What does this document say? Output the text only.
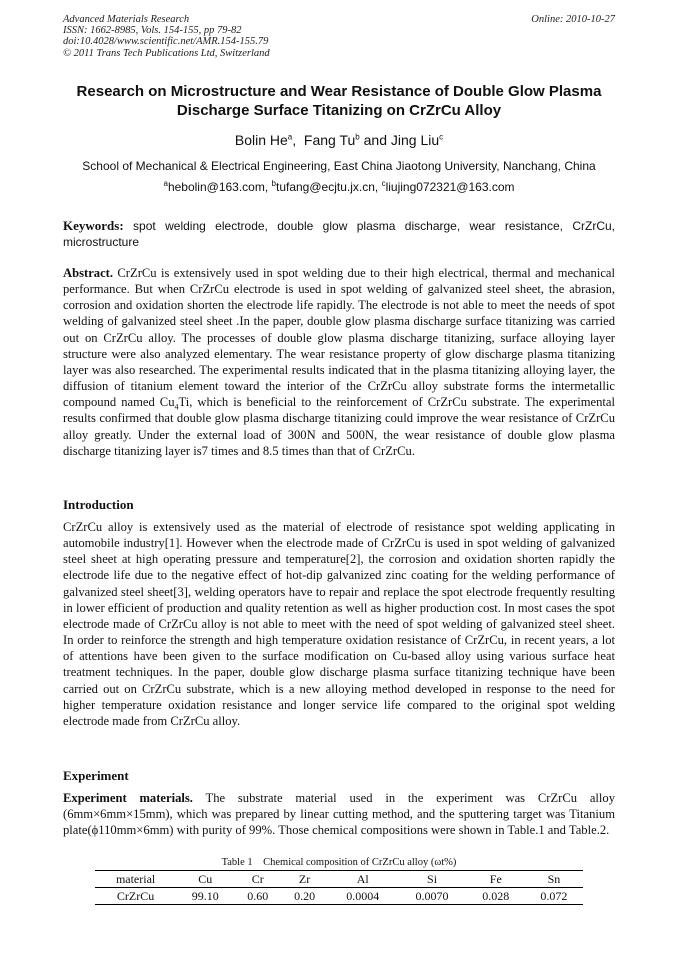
Advanced Materials Research
ISSN: 1662-8985, Vols. 154-155, pp 79-82
doi:10.4028/www.scientific.net/AMR.154-155.79
© 2011 Trans Tech Publications Ltd, Switzerland
Online: 2010-10-27
Research on Microstructure and Wear Resistance of Double Glow Plasma Discharge Surface Titanizing on CrZrCu Alloy
Bolin He$^a$,  Fang Tu$^b$ and Jing Liu$^c$
School of Mechanical & Electrical Engineering, East China Jiaotong University, Nanchang, China
$^a$hebolin@163.com, $^b$tufang@ecjtu.jx.cn, $^c$liujing072321@163.com
Keywords: spot welding electrode, double glow plasma discharge, wear resistance, CrZrCu, microstructure
Abstract. CrZrCu is extensively used in spot welding due to their high electrical, thermal and mechanical performance. But when CrZrCu electrode is used in spot welding of galvanized steel sheet, the abrasion, corrosion and oxidation shorten the electrode life rapidly. The electrode is not able to meet the needs of spot welding of galvanized steel sheet .In the paper, double glow plasma discharge surface titanizing was carried out on CrZrCu alloy. The processes of double glow plasma discharge titanizing, surface alloying layer structure were also analyzed elementary. The wear resistance property of glow discharge plasma titanizing layer was also researched. The experimental results indicated that in the plasma titanizing alloying layer, the diffusion of titanium element toward the interior of the CrZrCu alloy substrate forms the intermetallic compound named $Cu_4Ti$, which is beneficial to the reinforcement of CrZrCu substrate. The experimental results confirmed that double glow plasma discharge titanizing could improve the wear resistance of CrZrCu alloy greatly. Under the external load of 300N and 500N, the wear resistance of double glow plasma discharge titanizing layer is7 times and 8.5 times than that of CrZrCu.
Introduction
CrZrCu alloy is extensively used as the material of electrode of resistance spot welding applicating in automobile industry[1]. However when the electrode made of CrZrCu is used in spot welding of galvanized steel sheet at high operating pressure and temperature[2], the corrosion and oxidation shorten rapidly the electrode life due to the negative effect of hot-dip galvanized zinc coating for the welding performance of galvanized steel sheet[3], welding operators have to repair and replace the spot electrode frequently resulting in lower efficient of production and quality retention as well as higher production cost. In most cases the spot electrode made of CrZrCu alloy is not able to meet with the need of spot welding of galvanized steel sheet. In order to reinforce the strength and high temperature oxidation resistance of CrZrCu, in recent years, a lot of attentions have been given to the surface modification on Cu-based alloy using various surface heat treatment techniques. In the paper, double glow discharge plasma surface titanizing technique have been carried out on CrZrCu substrate, which is a new alloying method developed in response to the need for higher temperature oxidation resistance and longer service life compared to the original spot welding electrode made from CrZrCu alloy.
Experiment
Experiment materials. The substrate material used in the experiment was CrZrCu alloy (6mm×6mm×15mm), which was prepared by linear cutting method, and the sputtering target was Titanium plate(ϕ110mm×6mm) with purity of 99%. Those chemical compositions were shown in Table.1 and Table.2.
Table 1    Chemical composition of CrZrCu alloy (ωt%)
material	Cu	Cr	Zr	Al	Si	Fe	Sn
CrZrCu	99.10	0.60	0.20	0.0004	0.0070	0.028	0.072
